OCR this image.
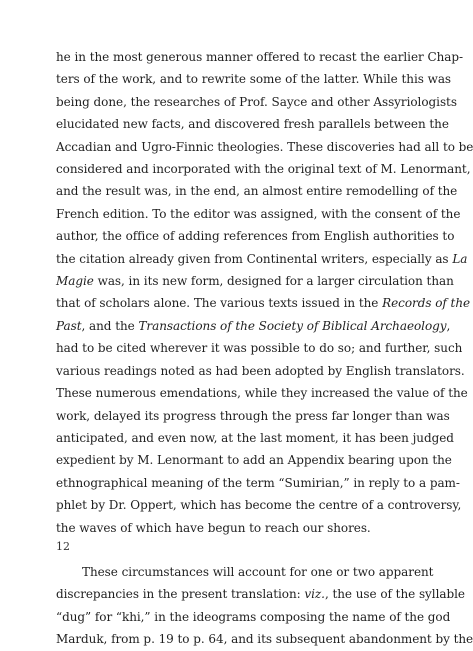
he in the most generous manner offered to recast the earlier Chap-
ters of the work, and to rewrite some of the latter. While this was
being done, the researches of Prof. Sayce and other Assyriologists
elucidated new facts, and discovered fresh parallels between the
Accadian and Ugro-Finnic theologies. These discoveries had all to be
considered and incorporated with the original text of M. Lenormant,
and the result was, in the end, an almost entire remodelling of the
French edition. To the editor was assigned, with the consent of the
author, the office of adding references from English authorities to
the citation already given from Continental writers, especially as La
Magie was, in its new form, designed for a larger circulation than
that of scholars alone. The various texts issued in the Records of the
Past, and the Transactions of the Society of Biblical Archaeology,
had to be cited wherever it was possible to do so; and further, such
various readings noted as had been adopted by English translators.
These numerous emendations, while they increased the value of the
work, delayed its progress through the press far longer than was
anticipated, and even now, at the last moment, it has been judged
expedient by M. Lenormant to add an Appendix bearing upon the
ethnographical meaning of the term “Sumirian,” in reply to a pam-
phlet by Dr. Oppert, which has become the centre of a controversy,
the waves of which have begun to reach our shores.
These circumstances will account for one or two apparent
discrepancies in the present translation: viz., the use of the syllable
“dug” for “khi,” in the ideograms composing the name of the god
Marduk, from p. 19 to p. 64, and its subsequent abandonment by the
12
